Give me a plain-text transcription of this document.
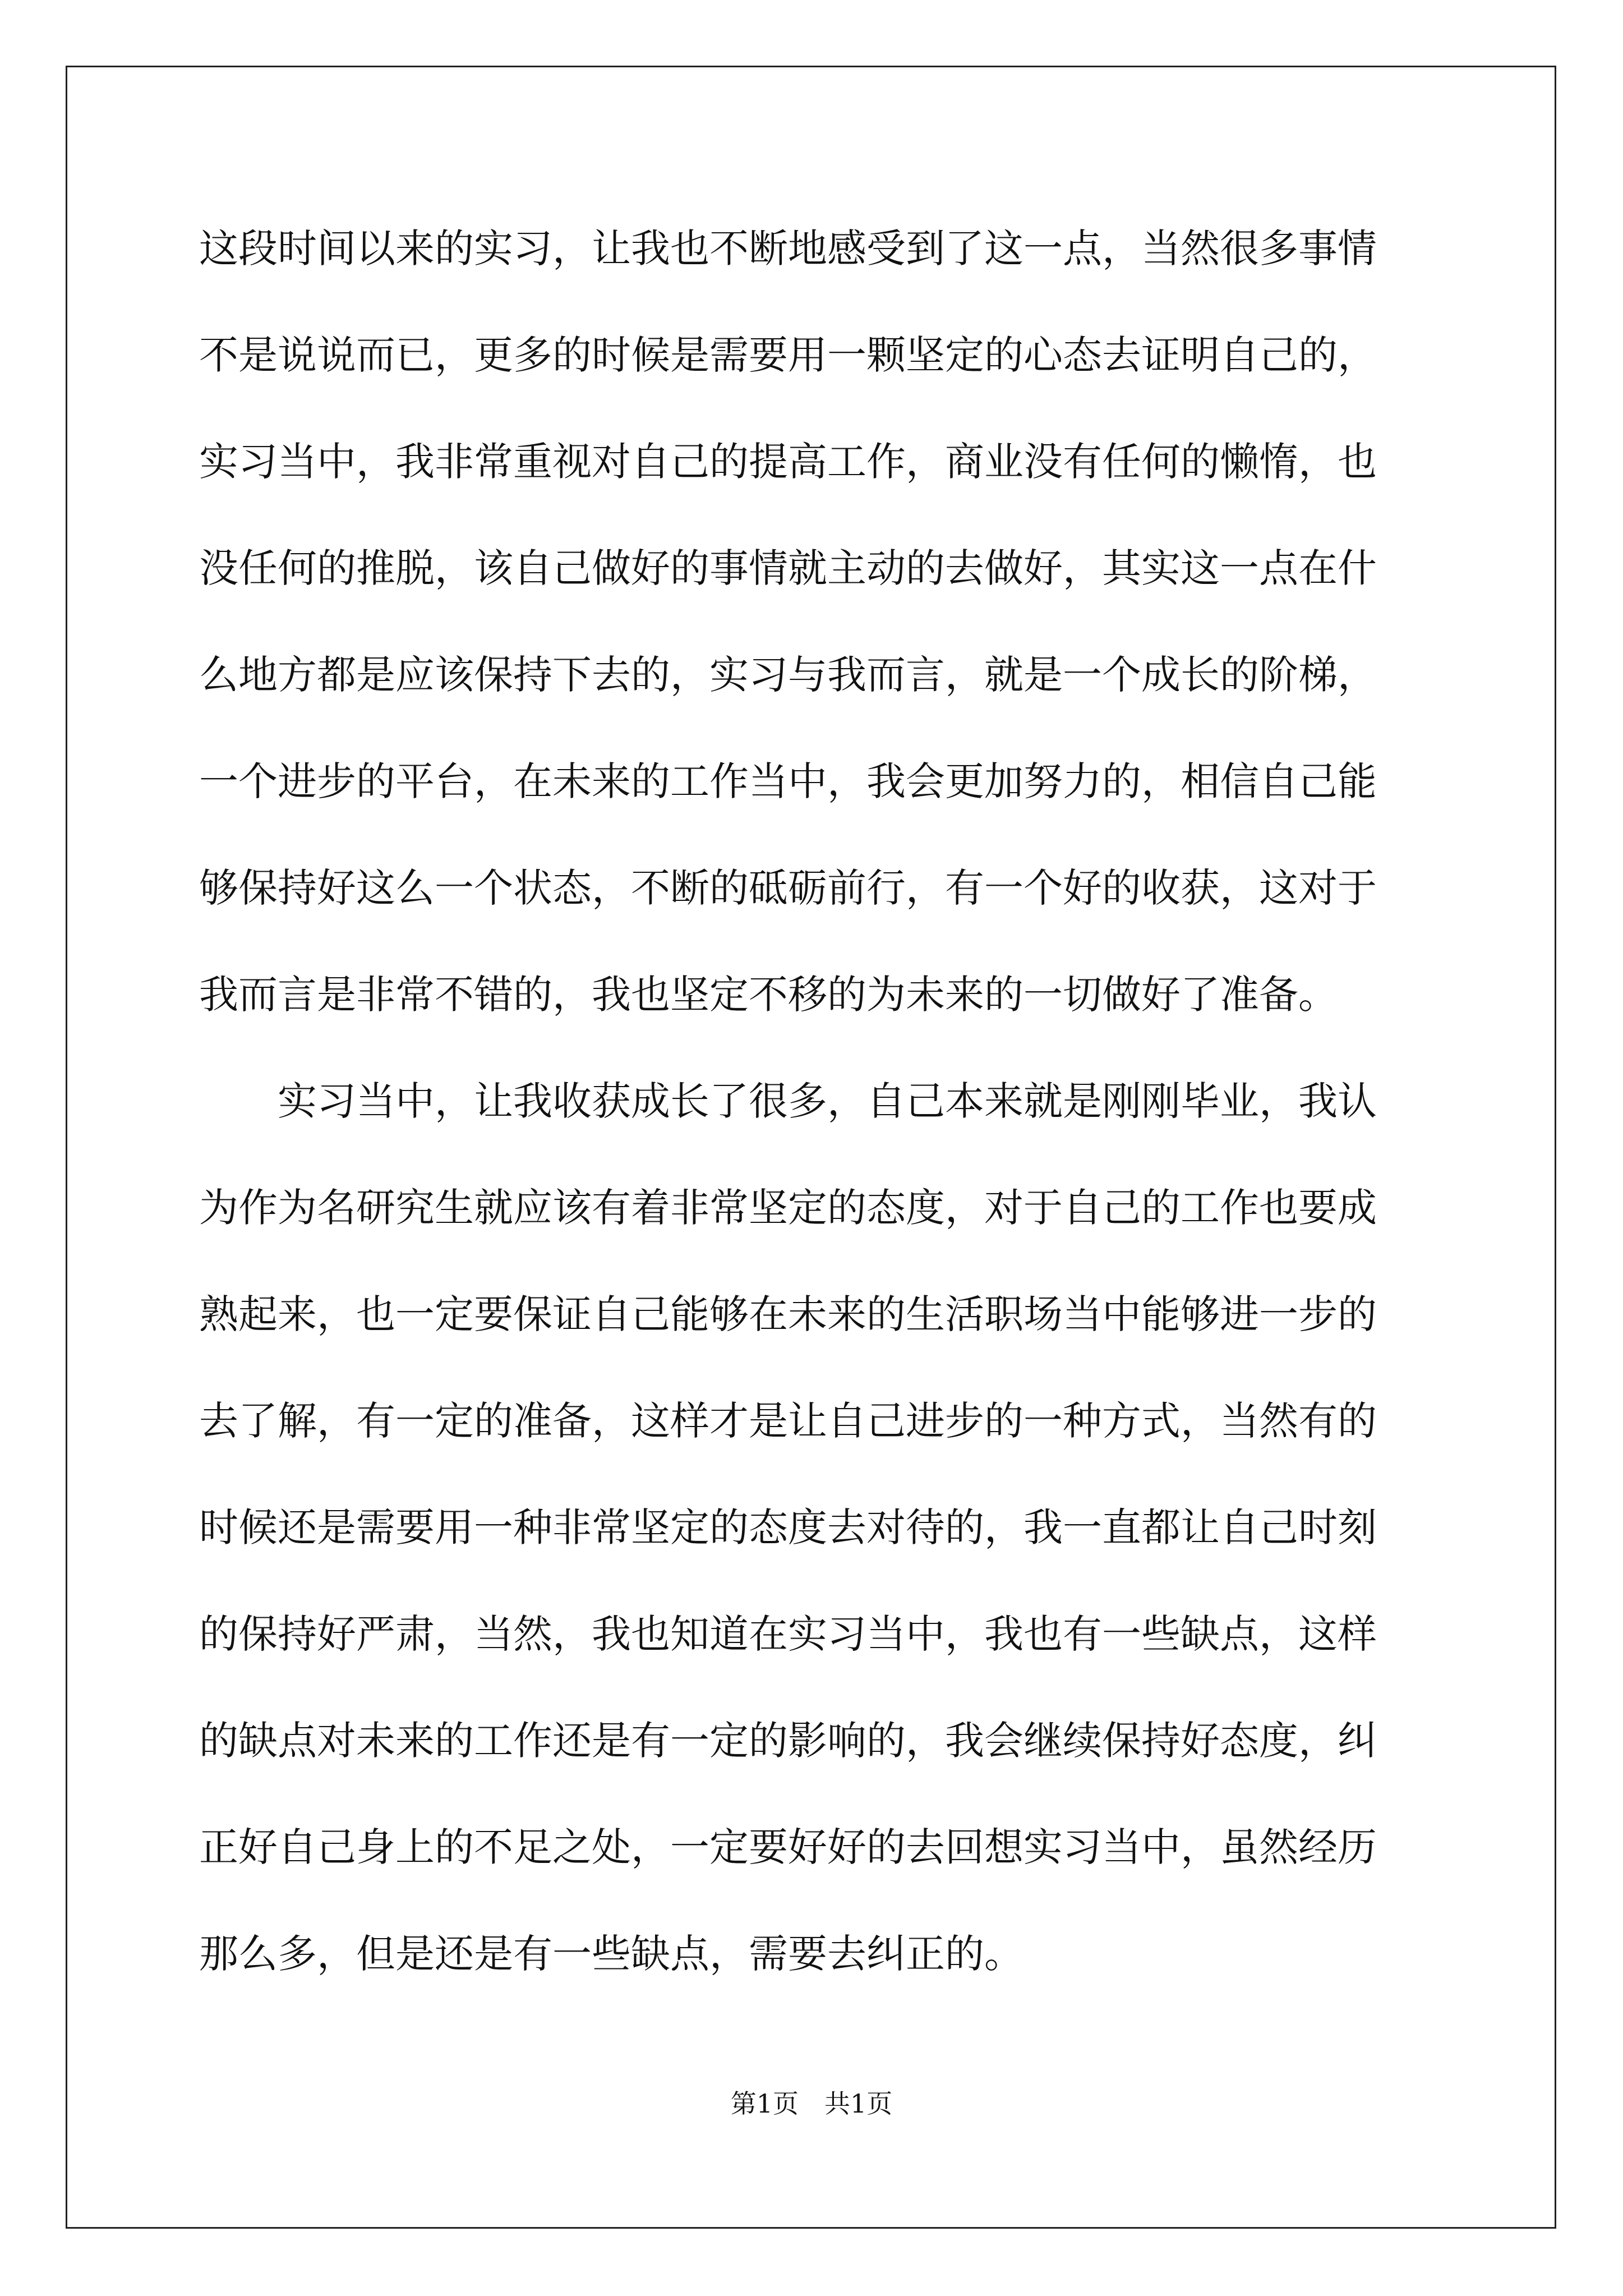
这段时间以来的实习，让我也不断地感受到了这一点，当然很多事情
不是说说而已，更多的时候是需要用一颗坚定的心态去证明自己的，
实习当中，我非常重视对自己的提高工作，商业没有任何的懒惰，也
没任何的推脱，该自己做好的事情就主动的去做好，其实这一点在什
么地方都是应该保持下去的，实习与我而言，就是一个成长的阶梯，
一个进步的平台，在未来的工作当中，我会更加努力的，相信自己能
够保持好这么一个状态，不断的砥砺前行，有一个好的收获，这对于
我而言是非常不错的，我也坚定不移的为未来的一切做好了准备。
实习当中，让我收获成长了很多，自己本来就是刚刚毕业，我认
为作为名研究生就应该有着非常坚定的态度，对于自己的工作也要成
熟起来，也一定要保证自己能够在未来的生活职场当中能够进一步的
去了解，有一定的准备，这样才是让自己进步的一种方式，当然有的
时候还是需要用一种非常坚定的态度去对待的，我一直都让自己时刻
的保持好严肃，当然，我也知道在实习当中，我也有一些缺点，这样
的缺点对未来的工作还是有一定的影响的，我会继续保持好态度，纠
正好自己身上的不足之处，一定要好好的去回想实习当中，虽然经历
那么多，但是还是有一些缺点，需要去纠正的。
第1页　共1页
